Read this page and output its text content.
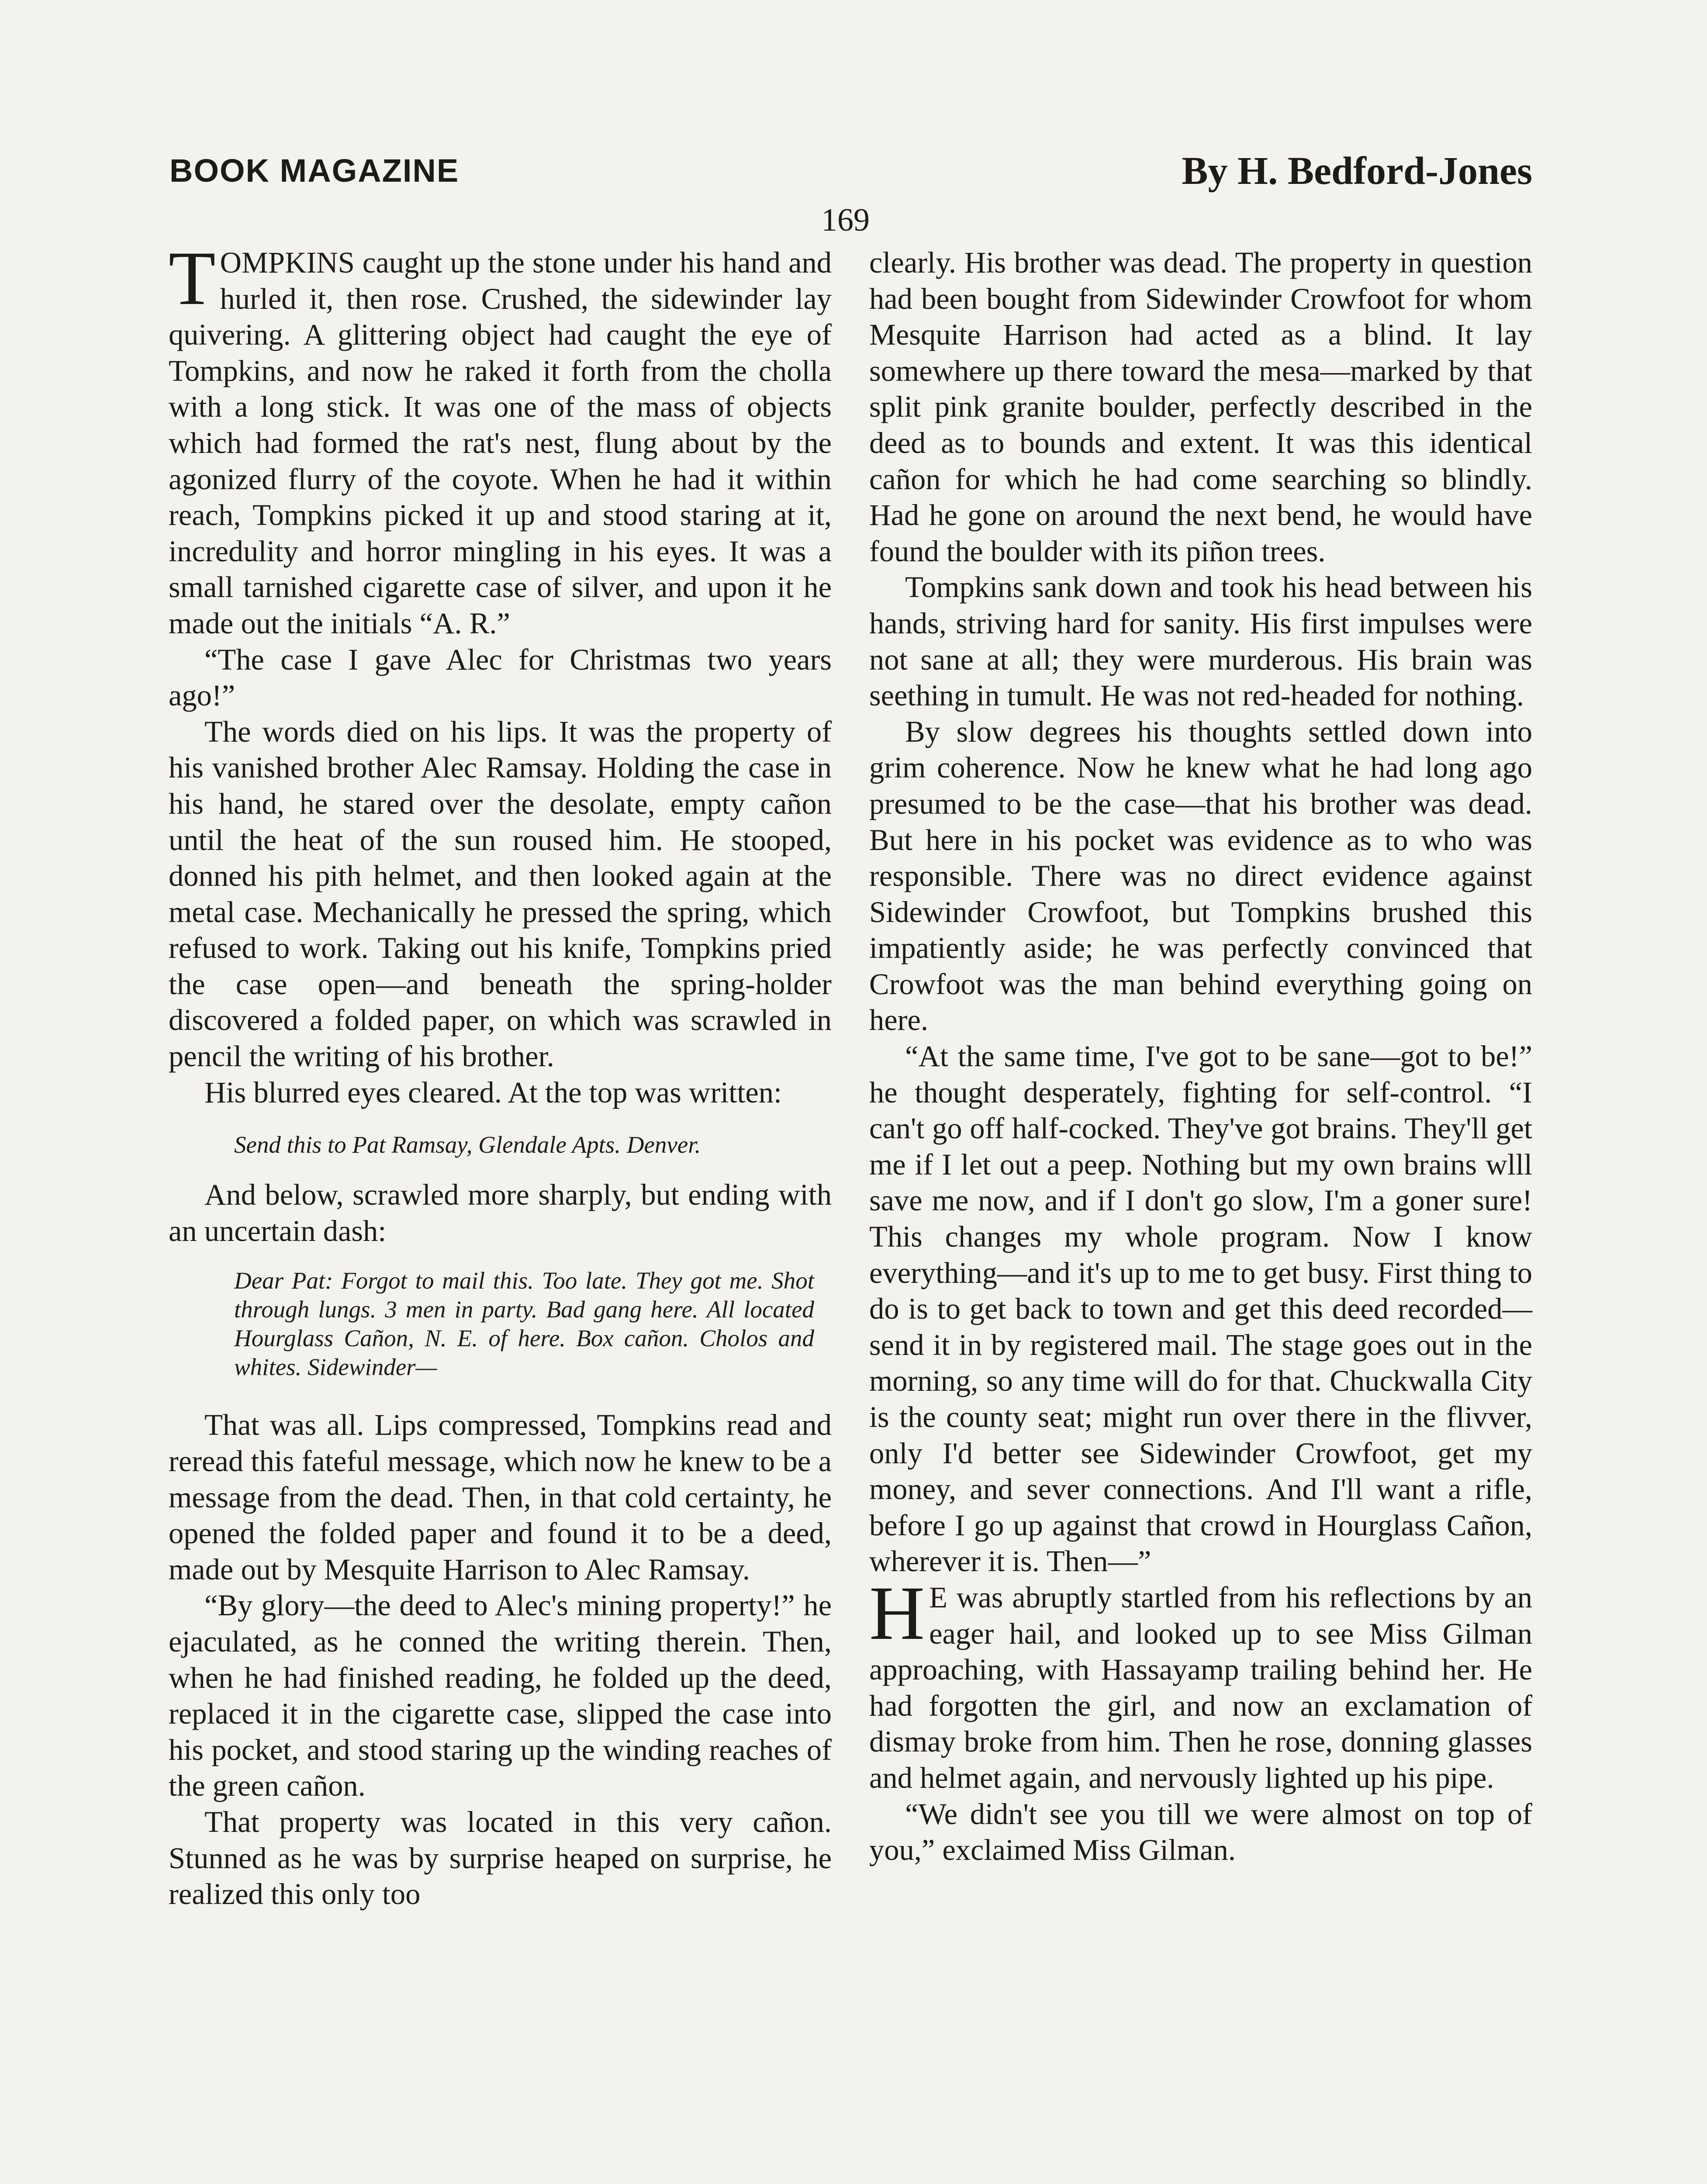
BOOK MAGAZINE	By H. Bedford-Jones
169

TOMPKINS caught up the stone under his hand and hurled it, then rose. Crushed, the sidewinder lay quivering. A glittering object had caught the eye of Tompkins, and now he raked it forth from the cholla with a long stick. It was one of the mass of objects which had formed the rat's nest, flung about by the agonized flurry of the coyote. When he had it within reach, Tompkins picked it up and stood staring at it, incredulity and horror mingling in his eyes. It was a small tarnished cigarette case of silver, and upon it he made out the initials “A. R.”

“The case I gave Alec for Christmas two years ago!”

The words died on his lips. It was the property of his vanished brother Alec Ramsay. Holding the case in his hand, he stared over the desolate, empty cañon until the heat of the sun roused him. He stooped, donned his pith helmet, and then looked again at the metal case. Mechanically he pressed the spring, which refused to work. Taking out his knife, Tompkins pried the case open—and beneath the spring-holder discovered a folded paper, on which was scrawled in pencil the writing of his brother.

His blurred eyes cleared. At the top was written:

Send this to Pat Ramsay, Glendale Apts. Denver.

And below, scrawled more sharply, but ending with an uncertain dash:

Dear Pat: Forgot to mail this. Too late. They got me. Shot through lungs. 3 men in party. Bad gang here. All located Hourglass Cañon, N. E. of here. Box cañon. Cholos and whites. Sidewinder—

That was all. Lips compressed, Tompkins read and reread this fateful message, which now he knew to be a message from the dead. Then, in that cold certainty, he opened the folded paper and found it to be a deed, made out by Mesquite Harrison to Alec Ramsay.

“By glory—the deed to Alec's mining property!” he ejaculated, as he conned the writing therein. Then, when he had finished reading, he folded up the deed, replaced it in the cigarette case, slipped the case into his pocket, and stood staring up the winding reaches of the green cañon.

That property was located in this very cañon. Stunned as he was by surprise heaped on surprise, he realized this only too

clearly. His brother was dead. The property in question had been bought from Sidewinder Crowfoot for whom Mesquite Harrison had acted as a blind. It lay somewhere up there toward the mesa—marked by that split pink granite boulder, perfectly described in the deed as to bounds and extent. It was this identical cañon for which he had come searching so blindly. Had he gone on around the next bend, he would have found the boulder with its piñon trees.

Tompkins sank down and took his head between his hands, striving hard for sanity. His first impulses were not sane at all; they were murderous. His brain was seething in tumult. He was not red-headed for nothing.

By slow degrees his thoughts settled down into grim coherence. Now he knew what he had long ago presumed to be the case—that his brother was dead. But here in his pocket was evidence as to who was responsible. There was no direct evidence against Sidewinder Crowfoot, but Tompkins brushed this impatiently aside; he was perfectly convinced that Crowfoot was the man behind everything going on here.

“At the same time, I've got to be sane—got to be!” he thought desperately, fighting for self-control. “I can't go off half-cocked. They've got brains. They'll get me if I let out a peep. Nothing but my own brains wlll save me now, and if I don't go slow, I'm a goner sure! This changes my whole program. Now I know everything—and it's up to me to get busy. First thing to do is to get back to town and get this deed recorded—send it in by registered mail. The stage goes out in the morning, so any time will do for that. Chuckwalla City is the county seat; might run over there in the flivver, only I'd better see Sidewinder Crowfoot, get my money, and sever connections. And I'll want a rifle, before I go up against that crowd in Hourglass Cañon, wherever it is. Then—”

HE was abruptly startled from his reflections by an eager hail, and looked up to see Miss Gilman approaching, with Hassayamp trailing behind her. He had forgotten the girl, and now an exclamation of dismay broke from him. Then he rose, donning glasses and helmet again, and nervously lighted up his pipe.

“We didn't see you till we were almost on top of you,” exclaimed Miss Gilman.
